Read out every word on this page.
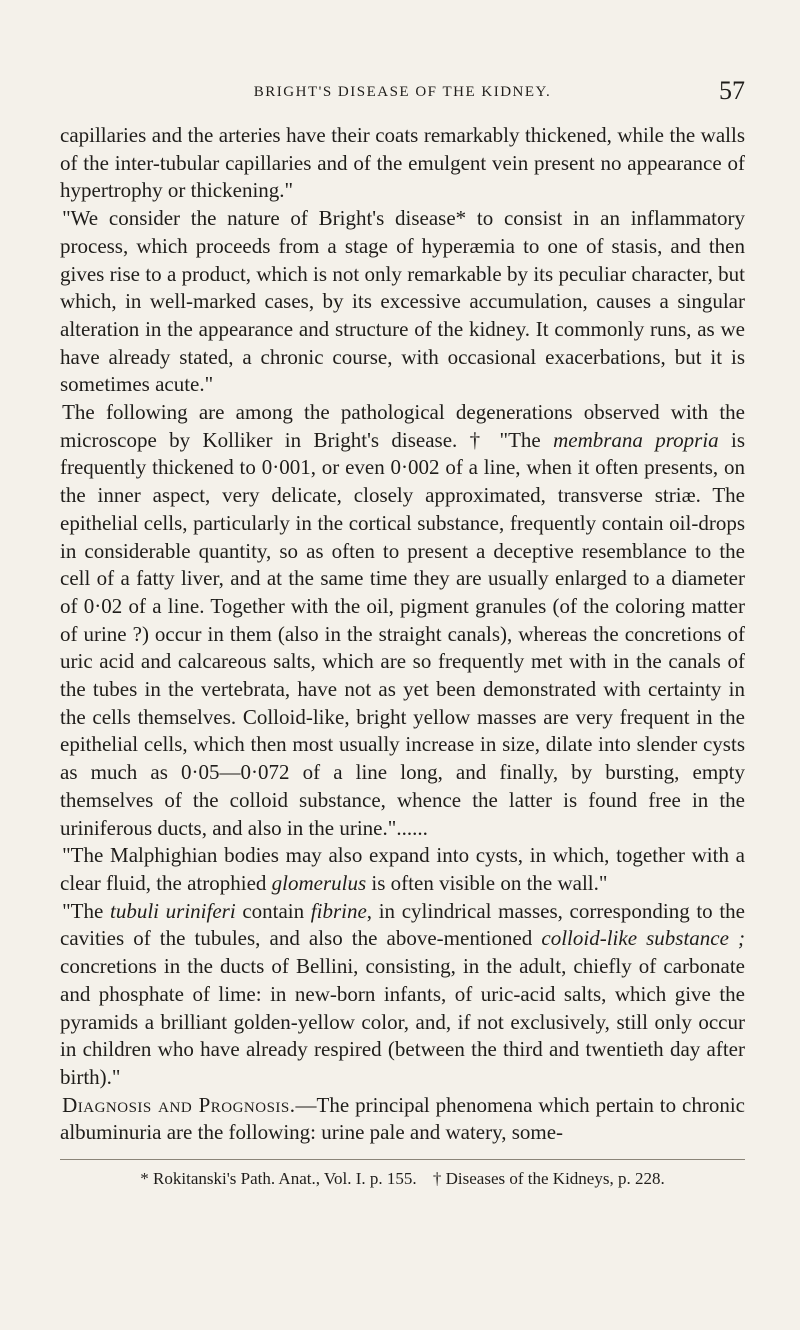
BRIGHT'S DISEASE OF THE KIDNEY.	57

capillaries and the arteries have their coats remarkably thickened, while the walls of the inter-tubular capillaries and of the emulgent vein present no appearance of hypertrophy or thickening."

"We consider the nature of Bright's disease* to consist in an inflammatory process, which proceeds from a stage of hyperæmia to one of stasis, and then gives rise to a product, which is not only remarkable by its peculiar character, but which, in well-marked cases, by its excessive accumulation, causes a singular alteration in the appearance and structure of the kidney. It commonly runs, as we have already stated, a chronic course, with occasional exacerbations, but it is sometimes acute."

The following are among the pathological degenerations observed with the microscope by Kolliker in Bright's disease. † "The membrana propria is frequently thickened to 0·001, or even 0·002 of a line, when it often presents, on the inner aspect, very delicate, closely approximated, transverse striæ. The epithelial cells, particularly in the cortical substance, frequently contain oil-drops in considerable quantity, so as often to present a deceptive resemblance to the cell of a fatty liver, and at the same time they are usually enlarged to a diameter of 0·02 of a line. Together with the oil, pigment granules (of the coloring matter of urine ?) occur in them (also in the straight canals), whereas the concretions of uric acid and calcareous salts, which are so frequently met with in the canals of the tubes in the vertebrata, have not as yet been demonstrated with certainty in the cells themselves. Colloid-like, bright yellow masses are very frequent in the epithelial cells, which then most usually increase in size, dilate into slender cysts as much as 0·05—0·072 of a line long, and finally, by bursting, empty themselves of the colloid substance, whence the latter is found free in the uriniferous ducts, and also in the urine."......

"The Malphighian bodies may also expand into cysts, in which, together with a clear fluid, the atrophied glomerulus is often visible on the wall."

"The tubuli uriniferi contain fibrine, in cylindrical masses, corresponding to the cavities of the tubules, and also the above-mentioned colloid-like substance ; concretions in the ducts of Bellini, consisting, in the adult, chiefly of carbonate and phosphate of lime: in new-born infants, of uric-acid salts, which give the pyramids a brilliant golden-yellow color, and, if not exclusively, still only occur in children who have already respired (between the third and twentieth day after birth)."

Diagnosis and Prognosis.—The principal phenomena which pertain to chronic albuminuria are the following: urine pale and watery, some-

* Rokitanski's Path. Anat., Vol. I. p. 155. † Diseases of the Kidneys, p. 228.
